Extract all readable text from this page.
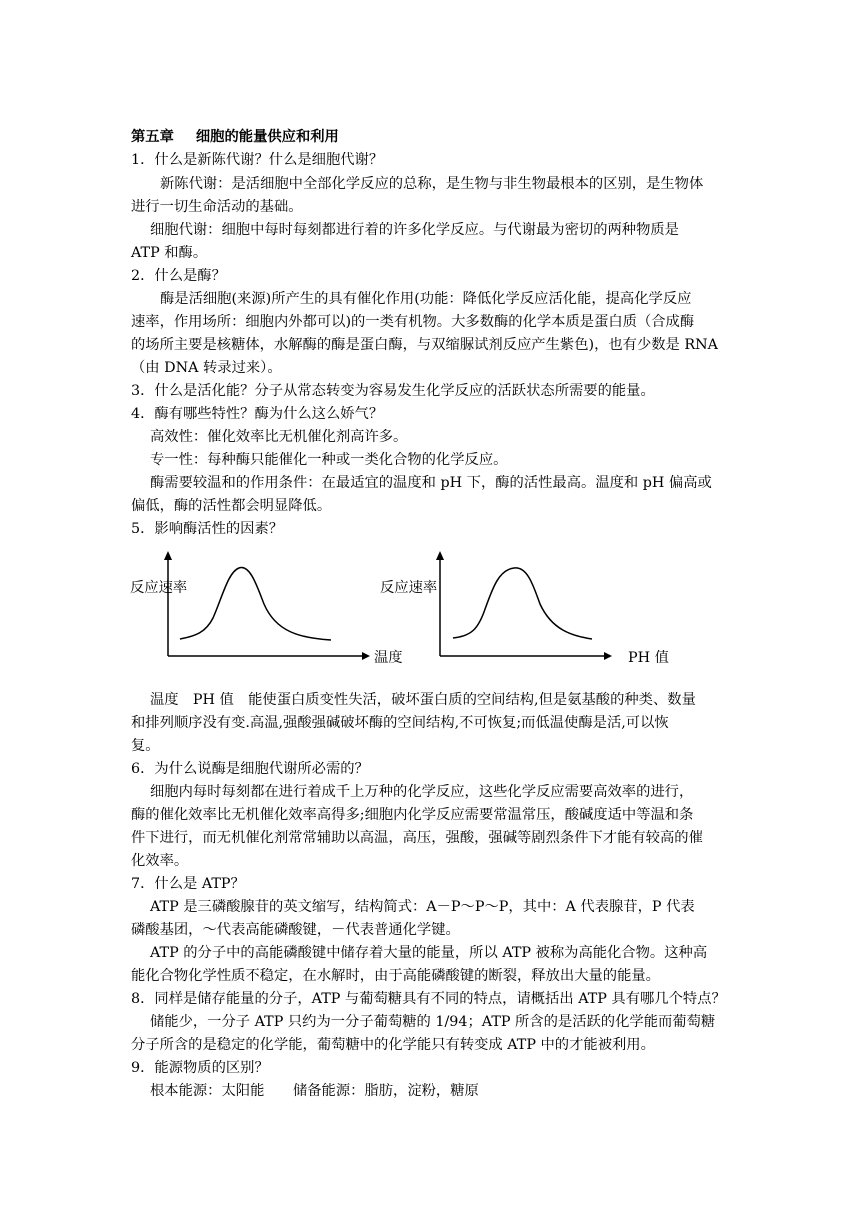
第五章 细胞的能量供应和利用
1．什么是新陈代谢？什么是细胞代谢？
新陈代谢：是活细胞中全部化学反应的总称，是生物与非生物最根本的区别，是生物体
进行一切生命活动的基础。
细胞代谢：细胞中每时每刻都进行着的许多化学反应。与代谢最为密切的两种物质是
ATP 和酶。
2．什么是酶？
酶是活细胞(来源)所产生的具有催化作用(功能：降低化学反应活化能，提高化学反应
速率，作用场所：细胞内外都可以)的一类有机物。大多数酶的化学本质是蛋白质（合成酶
的场所主要是核糖体，水解酶的酶是蛋白酶，与双缩脲试剂反应产生紫色)，也有少数是 RNA
（由 DNA 转录过来）。
3．什么是活化能？分子从常态转变为容易发生化学反应的活跃状态所需要的能量。
4．酶有哪些特性？酶为什么这么娇气？
高效性：催化效率比无机催化剂高许多。
专一性：每种酶只能催化一种或一类化合物的化学反应。
酶需要较温和的作用条件：在最适宜的温度和 pH 下，酶的活性最高。温度和 pH 偏高或
偏低，酶的活性都会明显降低。
5．影响酶活性的因素？
反应速率
温度
反应速率
PH 值
温度　PH 值　能使蛋白质变性失活，破坏蛋白质的空间结构,但是氨基酸的种类、数量
和排列顺序没有变.高温,强酸强碱破坏酶的空间结构,不可恢复;而低温使酶是活,可以恢
复。
6．为什么说酶是细胞代谢所必需的？
细胞内每时每刻都在进行着成千上万种的化学反应，这些化学反应需要高效率的进行，
酶的催化效率比无机催化效率高得多;细胞内化学反应需要常温常压，酸碱度适中等温和条
件下进行，而无机催化剂常常辅助以高温，高压，强酸，强碱等剧烈条件下才能有较高的催
化效率。
7．什么是 ATP？
ATP 是三磷酸腺苷的英文缩写，结构简式：A－P～P～P，其中：A 代表腺苷，P 代表
磷酸基团，～代表高能磷酸键，－代表普通化学键。
ATP 的分子中的高能磷酸键中储存着大量的能量，所以 ATP 被称为高能化合物。这种高
能化合物化学性质不稳定，在水解时，由于高能磷酸键的断裂，释放出大量的能量。
8．同样是储存能量的分子，ATP 与葡萄糖具有不同的特点，请概括出 ATP 具有哪几个特点？
储能少，一分子 ATP 只约为一分子葡萄糖的 1/94；ATP 所含的是活跃的化学能而葡萄糖
分子所含的是稳定的化学能，葡萄糖中的化学能只有转变成 ATP 中的才能被利用。
9．能源物质的区别？
根本能源：太阳能　　储备能源：脂肪，淀粉，糖原
